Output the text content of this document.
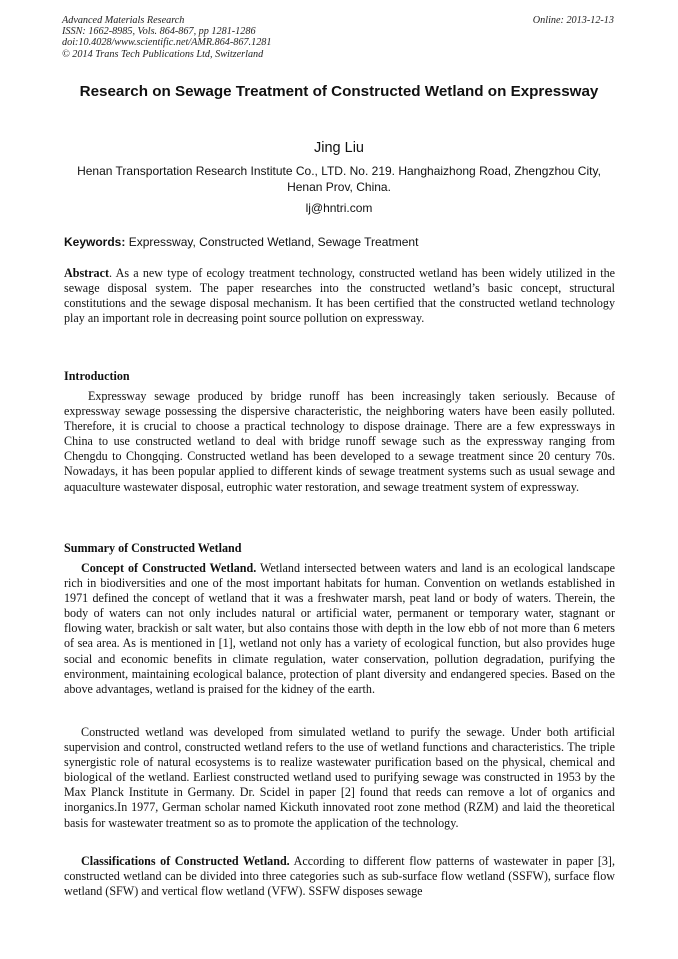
Advanced Materials Research
ISSN: 1662-8985, Vols. 864-867, pp 1281-1286
doi:10.4028/www.scientific.net/AMR.864-867.1281
© 2014 Trans Tech Publications Ltd, Switzerland
Online: 2013-12-13
Research on Sewage Treatment of Constructed Wetland on Expressway
Jing Liu
Henan Transportation Research Institute Co., LTD. No. 219. Hanghaizhong Road, Zhengzhou City, Henan Prov, China.
lj@hntri.com
Keywords: Expressway, Constructed Wetland, Sewage Treatment
Abstract. As a new type of ecology treatment technology, constructed wetland has been widely utilized in the sewage disposal system. The paper researches into the constructed wetland’s basic concept, structural constitutions and the sewage disposal mechanism. It has been certified that the constructed wetland technology play an important role in decreasing point source pollution on expressway.
Introduction
Expressway sewage produced by bridge runoff has been increasingly taken seriously. Because of expressway sewage possessing the dispersive characteristic, the neighboring waters have been easily polluted. Therefore, it is crucial to choose a practical technology to dispose drainage. There are a few expressways in China to use constructed wetland to deal with bridge runoff sewage such as the expressway ranging from Chengdu to Chongqing. Constructed wetland has been developed to a sewage treatment since 20 century 70s. Nowadays, it has been popular applied to different kinds of sewage treatment systems such as usual sewage and aquaculture wastewater disposal, eutrophic water restoration, and sewage treatment system of expressway.
Summary of Constructed Wetland
Concept of Constructed Wetland. Wetland intersected between waters and land is an ecological landscape rich in biodiversities and one of the most important habitats for human. Convention on wetlands established in 1971 defined the concept of wetland that it was a freshwater marsh, peat land or body of waters. Therein, the body of waters can not only includes natural or artificial water, permanent or temporary water, stagnant or flowing water, brackish or salt water, but also contains those with depth in the low ebb of not more than 6 meters of sea area. As is mentioned in [1], wetland not only has a variety of ecological function, but also provides huge social and economic benefits in climate regulation, water conservation, pollution degradation, purifying the environment, maintaining ecological balance, protection of plant diversity and endangered species. Based on the above advantages, wetland is praised for the kidney of the earth.
Constructed wetland was developed from simulated wetland to purify the sewage. Under both artificial supervision and control, constructed wetland refers to the use of wetland functions and characteristics. The triple synergistic role of natural ecosystems is to realize wastewater purification based on the physical, chemical and biological of the wetland. Earliest constructed wetland used to purifying sewage was constructed in 1953 by the Max Planck Institute in Germany. Dr. Scidel in paper [2] found that reeds can remove a lot of organics and inorganics.In 1977, German scholar named Kickuth innovated root zone method (RZM) and laid the theoretical basis for wastewater treatment so as to promote the application of the technology.
Classifications of Constructed Wetland. According to different flow patterns of wastewater in paper [3], constructed wetland can be divided into three categories such as sub-surface flow wetland (SSFW), surface flow wetland (SFW) and vertical flow wetland (VFW). SSFW disposes sewage
